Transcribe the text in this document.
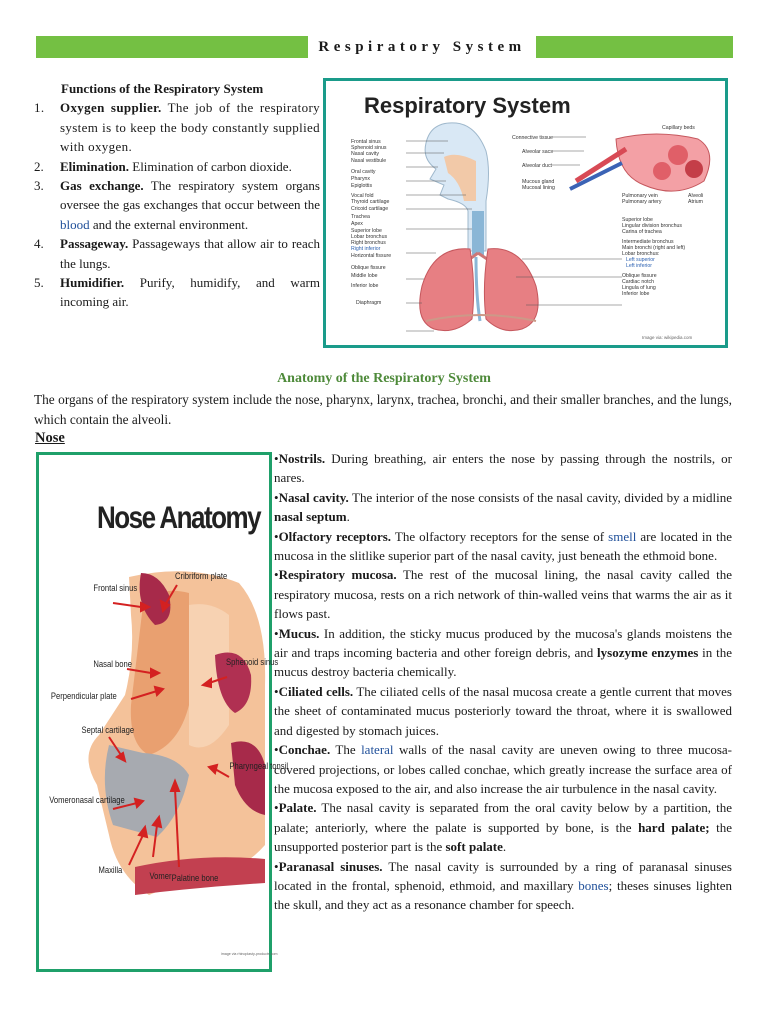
Respiratory System
Functions of the Respiratory System
1. Oxygen supplier. The job of the respiratory system is to keep the body constantly supplied with oxygen.
2. Elimination. Elimination of carbon dioxide.
3. Gas exchange. The respiratory system organs oversee the gas exchanges that occur between the blood and the external environment.
4. Passageway. Passageways that allow air to reach the lungs.
5. Humidifier. Purify, humidify, and warm incoming air.
Respiratory System
Frontal sinus
Sphenoid sinus
Nasal cavity
Nasal vestibule
Oral cavity
Pharynx
Epiglottis
Vocal fold
Thyroid cartilage
Cricoid cartilage
Trachea
Apex
Superior lobe
Lobar bronchus
Right bronchus
Right inferior
Horizontal fissure
Oblique fissure
Middle lobe
Inferior lobe
Diaphragm
Connective tissue
Alveolar sacs
Alveolar duct
Mucous gland
Mucosal lining
Superior lobe
Lingular division bronchus
Carina of trachea
Intermediate bronchus
Main bronchi (right and left)
Lobar bronchus:
Left superior
Left inferior
Oblique fissure
Cardiac notch
Lingula of lung
Inferior lobe
Capillary beds
Pulmonary vein
Pulmonary artery
Alveoli
Atrium
Image via: wikipedia.com
Anatomy of the Respiratory System
The organs of the respiratory system include the nose, pharynx, larynx, trachea, bronchi, and their smaller branches, and the lungs, which contain the alveoli.
Nose
Nose Anatomy
Frontal sinus
Cribriform plate
Nasal bone
Perpendicular plate
Septal cartilage
Sphenoid sinus
Pharyngeal tonsil
Vomeronasal cartilage
Maxilla
Vomer Palatine bone
image via rhinoplasty-products.com

•Nostrils. During breathing, air enters the nose by passing through the nostrils, or nares.

•Nasal cavity. The interior of the nose consists of the nasal cavity, divided by a midline nasal septum.

•Olfactory receptors. The olfactory receptors for the sense of smell are located in the mucosa in the slitlike superior part of the nasal cavity, just beneath the ethmoid bone.

•Respiratory mucosa. The rest of the mucosal lining, the nasal cavity called the respiratory mucosa, rests on a rich network of thin-walled veins that warms the air as it flows past.

•Mucus. In addition, the sticky mucus produced by the mucosa's glands moistens the air and traps incoming bacteria and other foreign debris, and lysozyme enzymes in the mucus destroy bacteria chemically.

•Ciliated cells. The ciliated cells of the nasal mucosa create a gentle current that moves the sheet of contaminated mucus posteriorly toward the throat, where it is swallowed and digested by stomach juices.

•Conchae. The lateral walls of the nasal cavity are uneven owing to three mucosa-covered projections, or lobes called conchae, which greatly increase the surface area of the mucosa exposed to the air, and also increase the air turbulence in the nasal cavity.

•Palate. The nasal cavity is separated from the oral cavity below by a partition, the palate; anteriorly, where the palate is supported by bone, is the hard palate; the unsupported posterior part is the soft palate.

•Paranasal sinuses. The nasal cavity is surrounded by a ring of paranasal sinuses located in the frontal, sphenoid, ethmoid, and maxillary bones; theses sinuses lighten the skull, and they act as a resonance chamber for speech.
